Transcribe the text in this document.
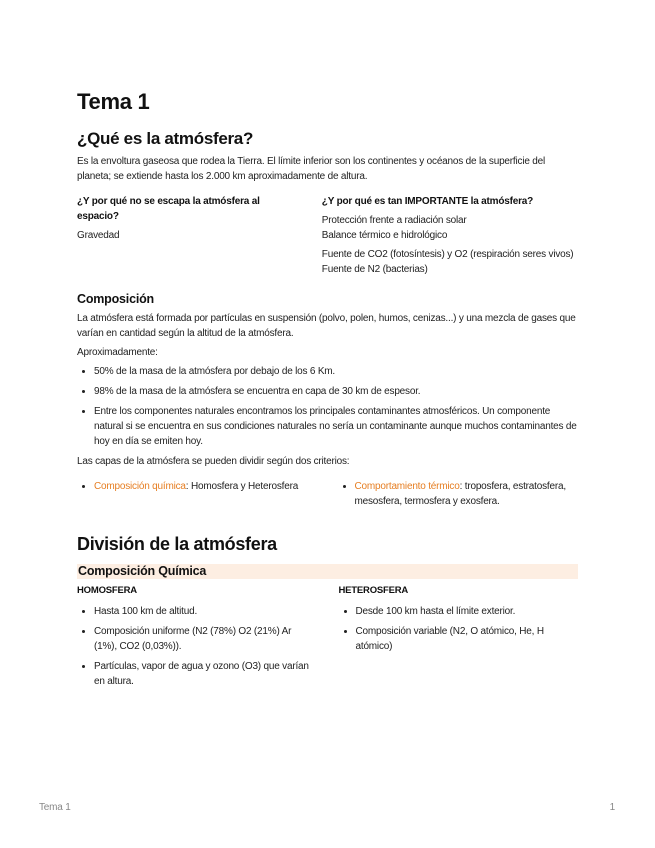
Tema 1
¿Qué es la atmósfera?

Es la envoltura gaseosa que rodea la Tierra. El límite inferior son los continentes y océanos de la superficie del planeta; se extiende hasta los 2.000 km aproximadamente de altura.

¿Y por qué no se escapa la atmósfera al espacio?
Gravedad
¿Y por qué es tan IMPORTANTE la atmósfera?
Protección frente a radiación solar
Balance térmico e hidrológico
Fuente de CO2 (fotosíntesis) y O2 (respiración seres vivos)
Fuente de N2 (bacterias)
Composición

La atmósfera está formada por partículas en suspensión (polvo, polen, humos, cenizas...) y una mezcla de gases que varían en cantidad según la altitud de la atmósfera.

Aproximadamente:

• 50% de la masa de la atmósfera por debajo de los 6 Km.
• 98% de la masa de la atmósfera se encuentra en capa de 30 km de espesor.
• Entre los componentes naturales encontramos los principales contaminantes atmosféricos. Un componente natural si se encuentra en sus condiciones naturales no sería un contaminante aunque muchos contaminantes de hoy en día se emiten hoy.

Las capas de la atmósfera se pueden dividir según dos criterios:

• Composición química: Homosfera y Heterosfera
•	Comportamiento térmico: troposfera, estratosfera, mesosfera, termosfera y exosfera.
División de la atmósfera
Composición Química
HOMOSFERA
• Hasta 100 km de altitud.
• Composición uniforme (N2 (78%) O2 (21%) Ar (1%), CO2 (0,03%)).
• Partículas, vapor de agua y ozono (O3) que varían en altura.
HETEROSFERA
• Desde 100 km hasta el límite exterior.
• Composición variable (N2, O atómico, He, H atómico)
Tema 1	1
